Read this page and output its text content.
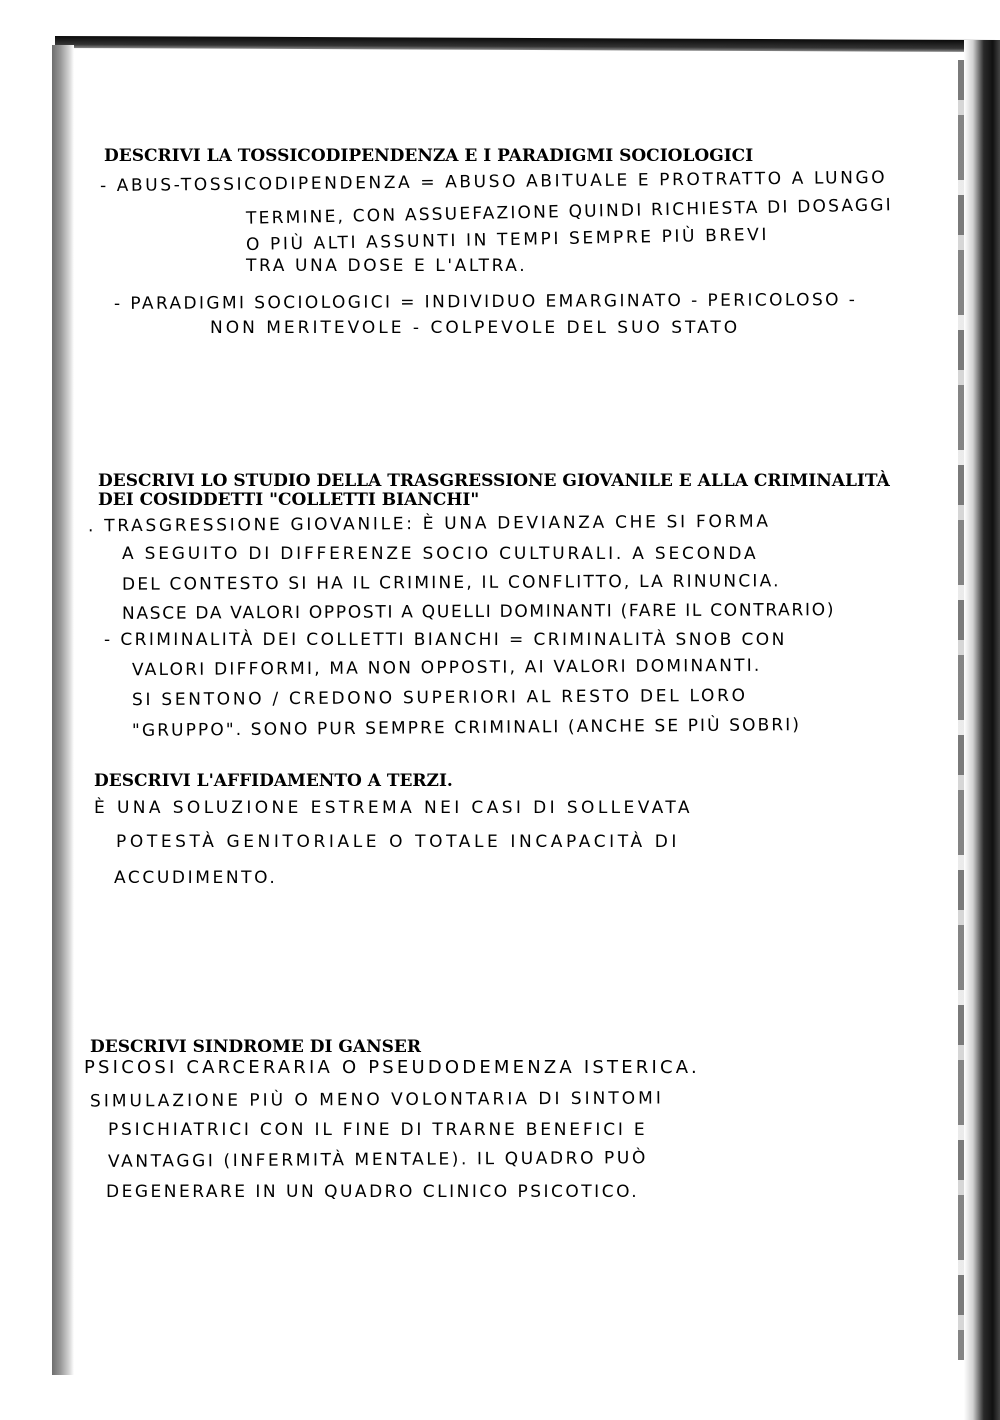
DESCRIVI LA TOSSICODIPENDENZA E I PARADIGMI SOCIOLOGICI
- ABUS-TOSSICODIPENDENZA = ABUSO ABITUALE E PROTRATTO A LUNGO
TERMINE, CON ASSUEFAZIONE QUINDI RICHIESTA DI DOSAGGI
O PIÙ ALTI ASSUNTI IN TEMPI SEMPRE PIÙ BREVI
TRA UNA DOSE E L'ALTRA.
- PARADIGMI SOCIOLOGICI = INDIVIDUO EMARGINATO - PERICOLOSO -
NON MERITEVOLE - COLPEVOLE DEL SUO STATO
DESCRIVI LO STUDIO DELLA TRASGRESSIONE GIOVANILE E ALLA CRIMINALITÀ
DEI COSIDDETTI "COLLETTI BIANCHI"
. TRASGRESSIONE GIOVANILE: È UNA DEVIANZA CHE SI FORMA
A SEGUITO DI DIFFERENZE SOCIO CULTURALI. A SECONDA
DEL CONTESTO SI HA IL CRIMINE, IL CONFLITTO, LA RINUNCIA.
NASCE DA VALORI OPPOSTI A QUELLI DOMINANTI (FARE IL CONTRARIO)
- CRIMINALITÀ DEI COLLETTI BIANCHI = CRIMINALITÀ SNOB CON
VALORI DIFFORMI, MA NON OPPOSTI, AI VALORI DOMINANTI.
SI SENTONO / CREDONO SUPERIORI AL RESTO DEL LORO
"GRUPPO". SONO PUR SEMPRE CRIMINALI (ANCHE SE PIÙ SOBRI)
DESCRIVI L'AFFIDAMENTO A TERZI.
È UNA SOLUZIONE ESTREMA NEI CASI DI SOLLEVATA
POTESTÀ GENITORIALE O TOTALE INCAPACITÀ DI
ACCUDIMENTO.
DESCRIVI SINDROME DI GANSER
PSICOSI CARCERARIA O PSEUDODEMENZA ISTERICA.
SIMULAZIONE PIÙ O MENO VOLONTARIA DI SINTOMI
PSICHIATRICI CON IL FINE DI TRARNE BENEFICI E
VANTAGGI (INFERMITÀ MENTALE). IL QUADRO PUÒ
DEGENERARE IN UN QUADRO CLINICO PSICOTICO.
